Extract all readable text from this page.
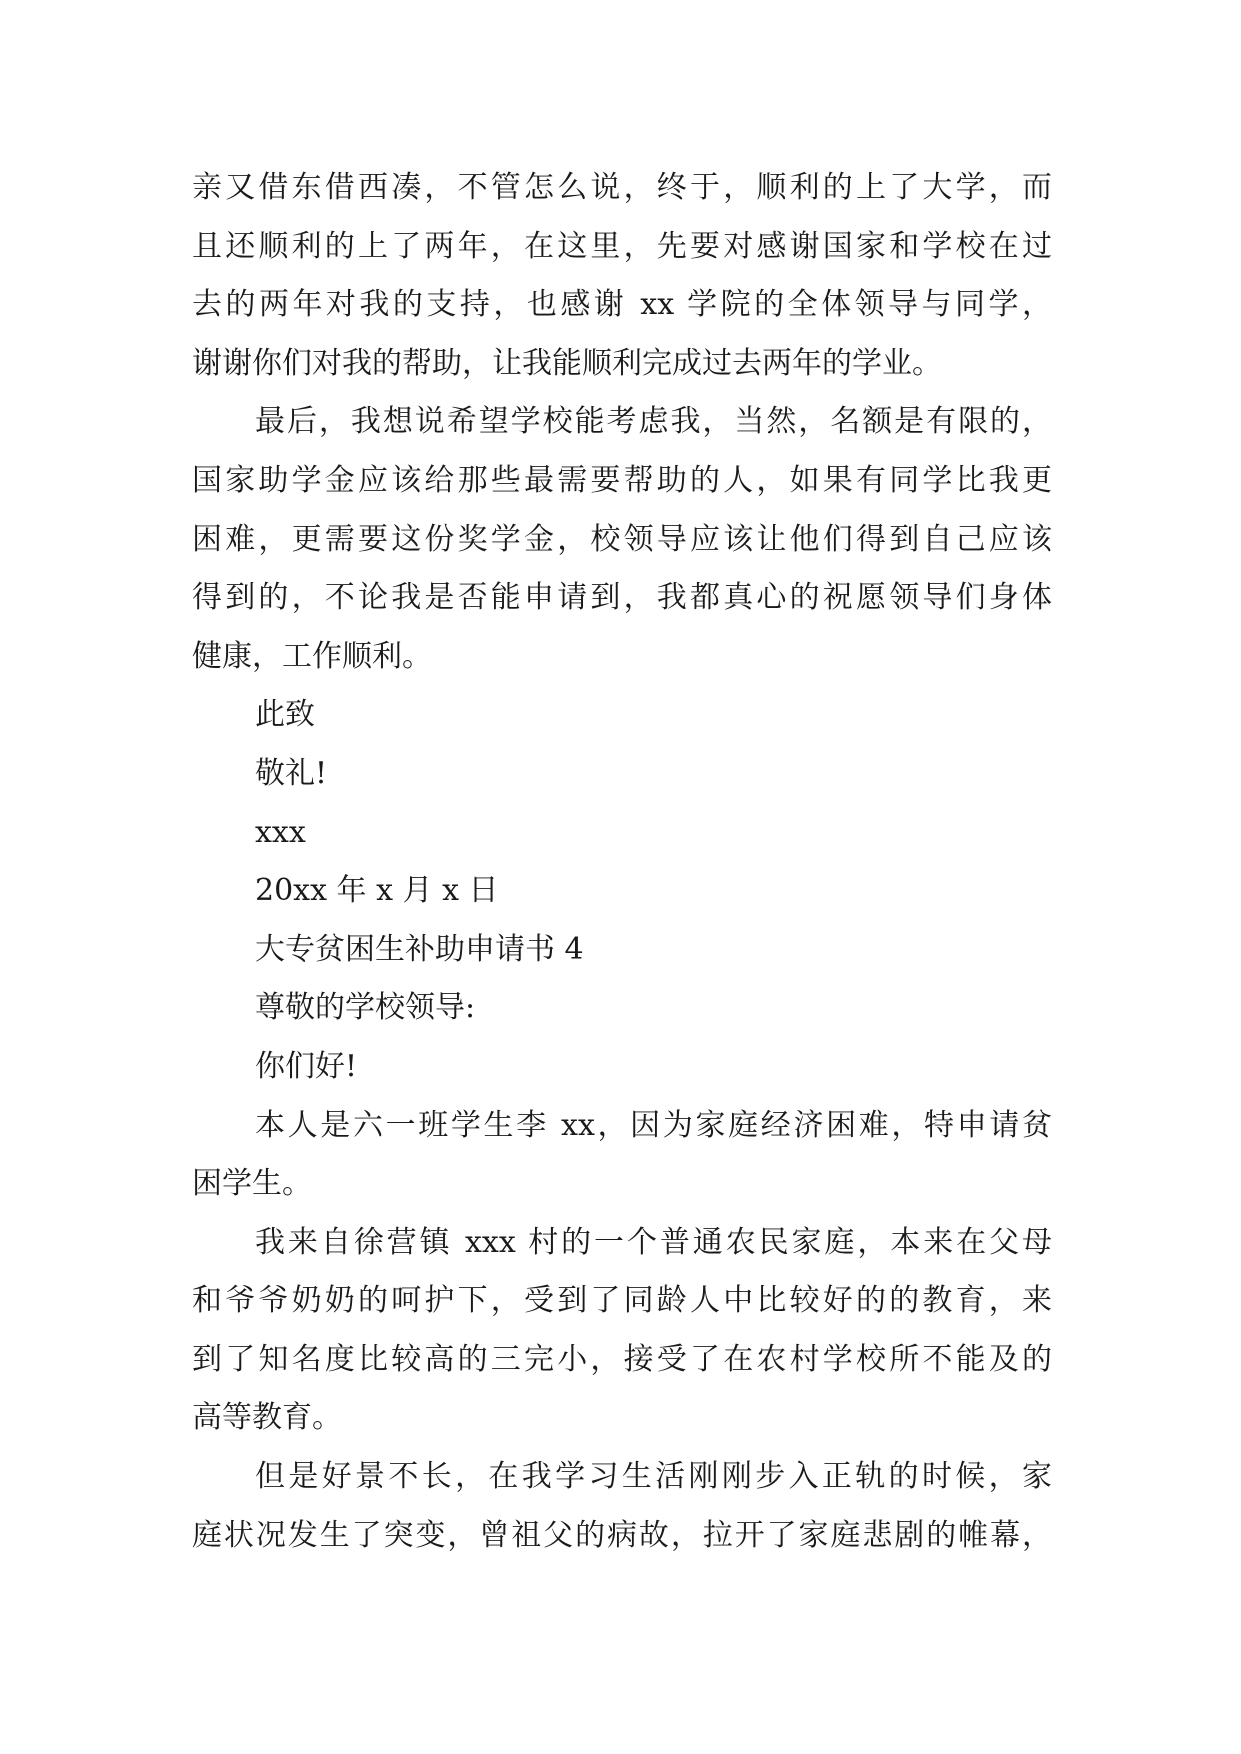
亲又借东借西凑，不管怎么说，终于，顺利的上了大学，而
且还顺利的上了两年，在这里，先要对感谢国家和学校在过
去的两年对我的支持，也感谢 xx 学院的全体领导与同学，
谢谢你们对我的帮助，让我能顺利完成过去两年的学业。
最后，我想说希望学校能考虑我，当然，名额是有限的，
国家助学金应该给那些最需要帮助的人，如果有同学比我更
困难，更需要这份奖学金，校领导应该让他们得到自己应该
得到的，不论我是否能申请到，我都真心的祝愿领导们身体
健康，工作顺利。
此致
敬礼!
xxx
20xx 年 x 月 x 日
大专贫困生补助申请书 4
尊敬的学校领导:
你们好!
本人是六一班学生李 xx，因为家庭经济困难，特申请贫
困学生。
我来自徐营镇 xxx 村的一个普通农民家庭，本来在父母
和爷爷奶奶的呵护下，受到了同龄人中比较好的的教育，来
到了知名度比较高的三完小，接受了在农村学校所不能及的
高等教育。
但是好景不长，在我学习生活刚刚步入正轨的时候，家
庭状况发生了突变，曾祖父的病故，拉开了家庭悲剧的帷幕，
